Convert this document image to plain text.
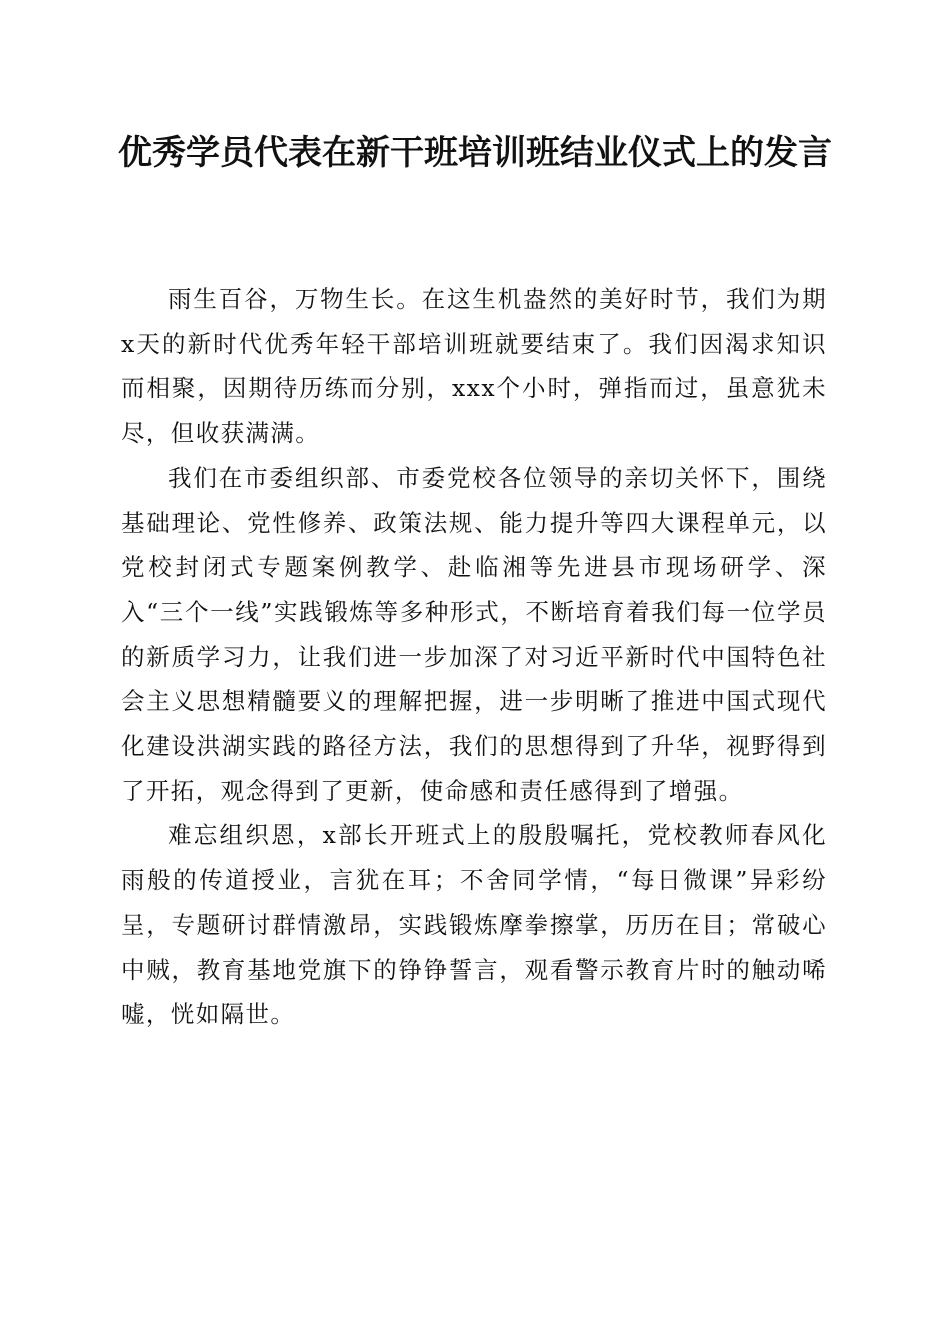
优秀学员代表在新干班培训班结业仪式上的发言

雨生百谷，万物生长。在这生机盎然的美好时节，我们为期x天的新时代优秀年轻干部培训班就要结束了。我们因渴求知识而相聚，因期待历练而分别，xxx个小时，弹指而过，虽意犹未尽，但收获满满。

我们在市委组织部、市委党校各位领导的亲切关怀下，围绕基础理论、党性修养、政策法规、能力提升等四大课程单元，以党校封闭式专题案例教学、赴临湘等先进县市现场研学、深入“三个一线”实践锻炼等多种形式，不断培育着我们每一位学员的新质学习力，让我们进一步加深了对习近平新时代中国特色社会主义思想精髓要义的理解把握，进一步明晰了推进中国式现代化建设洪湖实践的路径方法，我们的思想得到了升华，视野得到了开拓，观念得到了更新，使命感和责任感得到了增强。

难忘组织恩，x部长开班式上的殷殷嘱托，党校教师春风化雨般的传道授业，言犹在耳；不舍同学情，“每日微课”异彩纷呈，专题研讨群情激昂，实践锻炼摩拳擦掌，历历在目；常破心中贼，教育基地党旗下的铮铮誓言，观看警示教育片时的触动唏嘘，恍如隔世。
